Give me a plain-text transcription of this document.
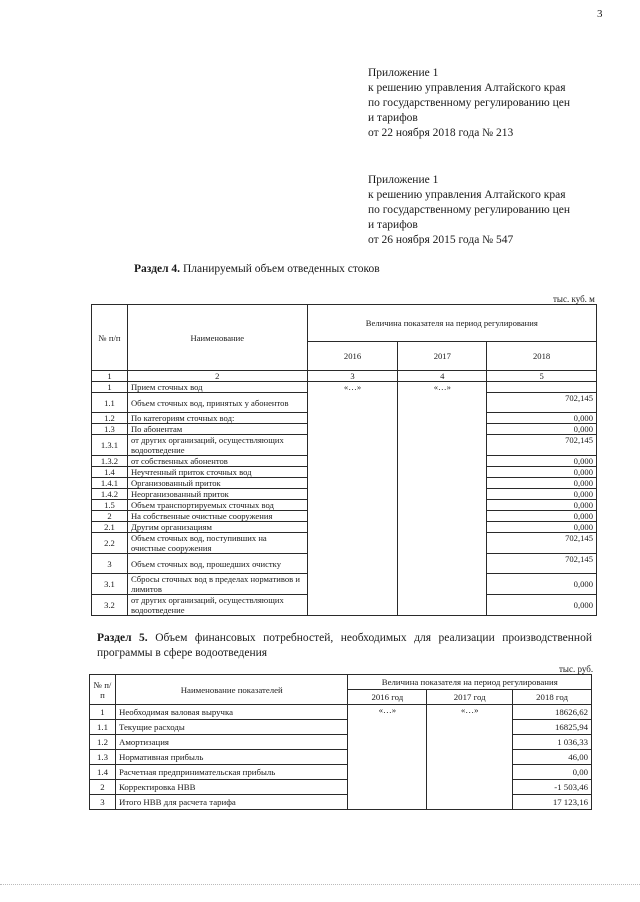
3
Приложение 1
к решению управления Алтайского края
по государственному регулированию цен
и тарифов
от 22 ноября 2018 года № 213
Приложение 1
к решению управления Алтайского края
по государственному регулированию цен
и тарифов
от 26 ноября 2015 года № 547
Раздел 4. Планируемый объем отведенных стоков
тыс. куб. м
№ п/п	Наименование	Величина показателя на период регулирования		
		2016	2017	2018
1	2	3	4	5
1	Прием сточных вод	«…»	«…»	
1.1	Объем сточных вод, принятых у абонентов			702,145
1.2	По категориям сточных вод:			0,000
1.3	По абонентам			0,000
1.3.1	от других организаций, осуществляющих водоотведение			702,145
1.3.2	от собственных абонентов			0,000
1.4	Неучтенный приток сточных вод			0,000
1.4.1	Организованный приток			0,000
1.4.2	Неорганизованный приток			0,000
1.5	Объем транспортируемых сточных вод			0,000
2	На собственные очистные сооружения			0,000
2.1	Другим организациям			0,000
2.2	Объем сточных вод, поступивших на очистные сооружения			702,145
3	Объем сточных вод, прошедших очистку			702,145
3.1	Сбросы сточных вод в пределах нормативов и лимитов			0,000
3.2	от других организаций, осуществляющих водоотведение			0,000
Раздел 5. Объем финансовых потребностей, необходимых для реализации производственной программы в сфере водоотведения
тыс. руб.
№ п/п	Наименование показателей	Величина показателя на период регулирования		
		2016 год	2017 год	2018 год
1	Необходимая валовая выручка	«…»	«…»	18626,62
1.1	Текущие расходы			16825,94
1.2	Амортизация			1 036,33
1.3	Нормативная прибыль			46,00
1.4	Расчетная предпринимательская прибыль			0,00
2	Корректировка НВВ			-1 503,46
3	Итого НВВ для расчета тарифа			17 123,16
